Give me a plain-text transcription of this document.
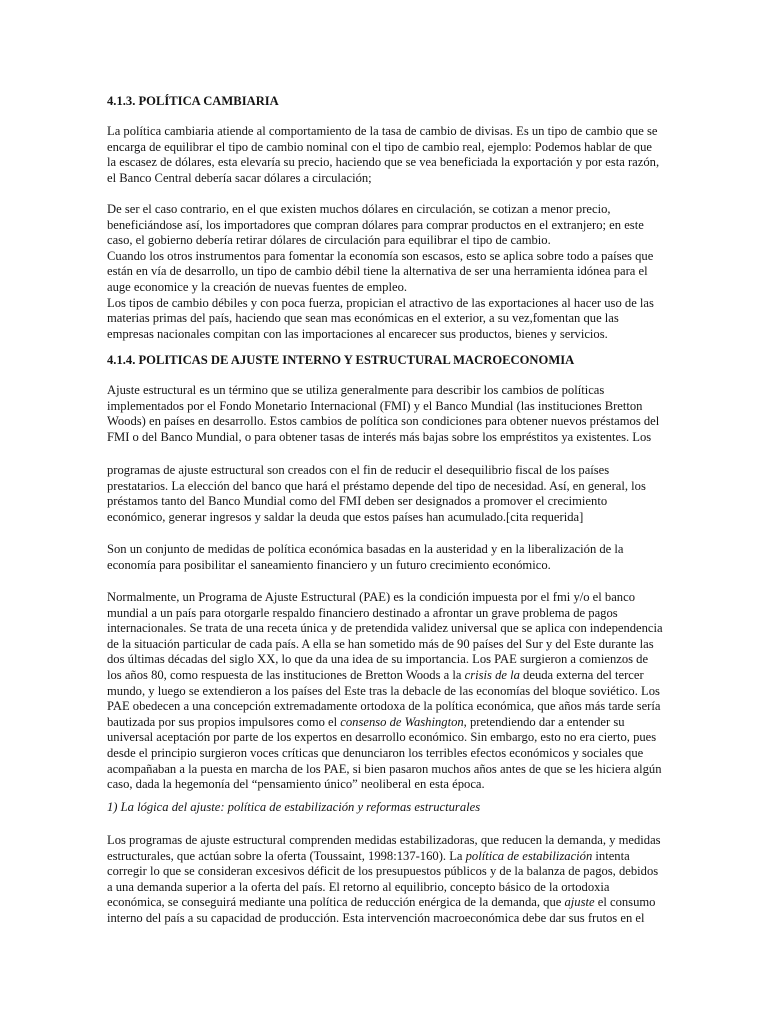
4.1.3. POLÍTICA CAMBIARIA
La política cambiaria atiende al comportamiento de la tasa de cambio de divisas. Es un tipo de cambio que se
encarga de equilibrar el tipo de cambio nominal con el tipo de cambio real, ejemplo: Podemos hablar de que
la escasez de dólares, esta elevaría su precio, haciendo que se vea beneficiada la exportación y por esta razón,
el Banco Central debería sacar dólares a circulación;
De ser el caso contrario, en el que existen muchos dólares en circulación, se cotizan a menor precio,
beneficiándose así, los importadores que compran dólares para comprar productos en el extranjero; en este
caso, el gobierno debería retirar dólares de circulación para equilibrar el tipo de cambio.
Cuando los otros instrumentos para fomentar la economía son escasos, esto se aplica sobre todo a países que
están en vía de desarrollo, un tipo de cambio débil tiene la alternativa de ser una herramienta idónea para el
auge economice y la creación de nuevas fuentes de empleo.
Los tipos de cambio débiles y con poca fuerza, propician el atractivo de las exportaciones al hacer uso de las
materias primas del país, haciendo que sean mas económicas en el exterior, a su vez,fomentan que las
empresas nacionales compitan con las importaciones al encarecer sus productos, bienes y servicios.
4.1.4. POLITICAS DE AJUSTE INTERNO Y ESTRUCTURAL MACROECONOMIA
Ajuste estructural es un término que se utiliza generalmente para describir los cambios de políticas
implementados por el Fondo Monetario Internacional (FMI) y el Banco Mundial (las instituciones Bretton
Woods) en países en desarrollo. Estos cambios de política son condiciones para obtener nuevos préstamos del
FMI o del Banco Mundial, o para obtener tasas de interés más bajas sobre los empréstitos ya existentes. Los
programas de ajuste estructural son creados con el fin de reducir el desequilibrio fiscal de los países
prestatarios. La elección del banco que hará el préstamo depende del tipo de necesidad. Así, en general, los
préstamos tanto del Banco Mundial como del FMI deben ser designados a promover el crecimiento
económico, generar ingresos y saldar la deuda que estos países han acumulado.[cita requerida]
Son un conjunto de medidas de política económica basadas en la austeridad y en la liberalización de la
economía para posibilitar el saneamiento financiero y un futuro crecimiento económico.
Normalmente, un Programa de Ajuste Estructural (PAE) es la condición impuesta por el fmi y/o el banco
mundial a un país para otorgarle respaldo financiero destinado a afrontar un grave problema de pagos
internacionales. Se trata de una receta única y de pretendida validez universal que se aplica con independencia
de la situación particular de cada país. A ella se han sometido más de 90 países del Sur y del Este durante las
dos últimas décadas del siglo XX, lo que da una idea de su importancia. Los PAE surgieron a comienzos de
los años 80, como respuesta de las instituciones de Bretton Woods a la crisis de la deuda externa del tercer
mundo, y luego se extendieron a los países del Este tras la debacle de las economías del bloque soviético. Los
PAE obedecen a una concepción extremadamente ortodoxa de la política económica, que años más tarde sería
bautizada por sus propios impulsores como el consenso de Washington, pretendiendo dar a entender su
universal aceptación por parte de los expertos en desarrollo económico. Sin embargo, esto no era cierto, pues
desde el principio surgieron voces críticas que denunciaron los terribles efectos económicos y sociales que
acompañaban a la puesta en marcha de los PAE, si bien pasaron muchos años antes de que se les hiciera algún
caso, dada la hegemonía del “pensamiento único” neoliberal en esta época.
1) La lógica del ajuste: política de estabilización y reformas estructurales
Los programas de ajuste estructural comprenden medidas estabilizadoras, que reducen la demanda, y medidas
estructurales, que actúan sobre la oferta (Toussaint, 1998:137-160). La política de estabilización intenta
corregir lo que se consideran excesivos déficit de los presupuestos públicos y de la balanza de pagos, debidos
a una demanda superior a la oferta del país. El retorno al equilibrio, concepto básico de la ortodoxia
económica, se conseguirá mediante una política de reducción enérgica de la demanda, que ajuste el consumo
interno del país a su capacidad de producción. Esta intervención macroeconómica debe dar sus frutos en el
